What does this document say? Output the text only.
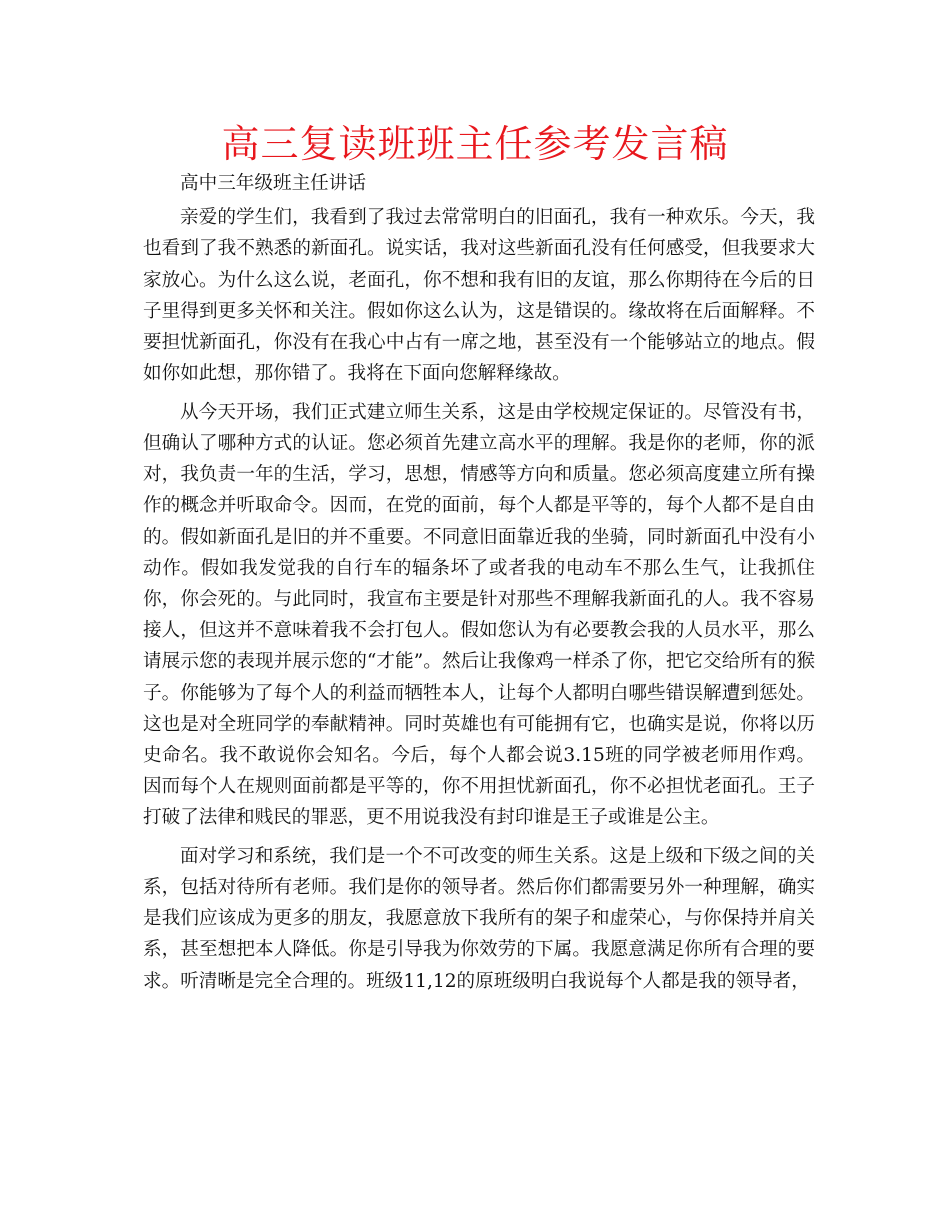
高三复读班班主任参考发言稿

高中三年级班主任讲话

亲爱的学生们，我看到了我过去常常明白的旧面孔，我有一种欢乐。今天，我也看到了我不熟悉的新面孔。说实话，我对这些新面孔没有任何感受，但我要求大家放心。为什么这么说，老面孔，你不想和我有旧的友谊，那么你期待在今后的日子里得到更多关怀和关注。假如你这么认为，这是错误的。缘故将在后面解释。不要担忧新面孔，你没有在我心中占有一席之地，甚至没有一个能够站立的地点。假如你如此想，那你错了。我将在下面向您解释缘故。

从今天开场，我们正式建立师生关系，这是由学校规定保证的。尽管没有书，但确认了哪种方式的认证。您必须首先建立高水平的理解。我是你的老师，你的派对，我负责一年的生活，学习，思想，情感等方向和质量。您必须高度建立所有操作的概念并听取命令。因而，在党的面前，每个人都是平等的，每个人都不是自由的。假如新面孔是旧的并不重要。不同意旧面靠近我的坐骑，同时新面孔中没有小动作。假如我发觉我的自行车的辐条坏了或者我的电动车不那么生气，让我抓住你，你会死的。与此同时，我宣布主要是针对那些不理解我新面孔的人。我不容易接人，但这并不意味着我不会打包人。假如您认为有必要教会我的人员水平，那么请展示您的表现并展示您的“才能”。然后让我像鸡一样杀了你，把它交给所有的猴子。你能够为了每个人的利益而牺牲本人，让每个人都明白哪些错误解遭到惩处。这也是对全班同学的奉献精神。同时英雄也有可能拥有它，也确实是说，你将以历史命名。我不敢说你会知名。今后，每个人都会说3.15班的同学被老师用作鸡。因而每个人在规则面前都是平等的，你不用担忧新面孔，你不必担忧老面孔。王子打破了法律和贱民的罪恶，更不用说我没有封印谁是王子或谁是公主。

面对学习和系统，我们是一个不可改变的师生关系。这是上级和下级之间的关系，包括对待所有老师。我们是你的领导者。然后你们都需要另外一种理解，确实是我们应该成为更多的朋友，我愿意放下我所有的架子和虚荣心，与你保持并肩关系，甚至想把本人降低。你是引导我为你效劳的下属。我愿意满足你所有合理的要求。听清晰是完全合理的。班级11,12的原班级明白我说每个人都是我的领导者，
